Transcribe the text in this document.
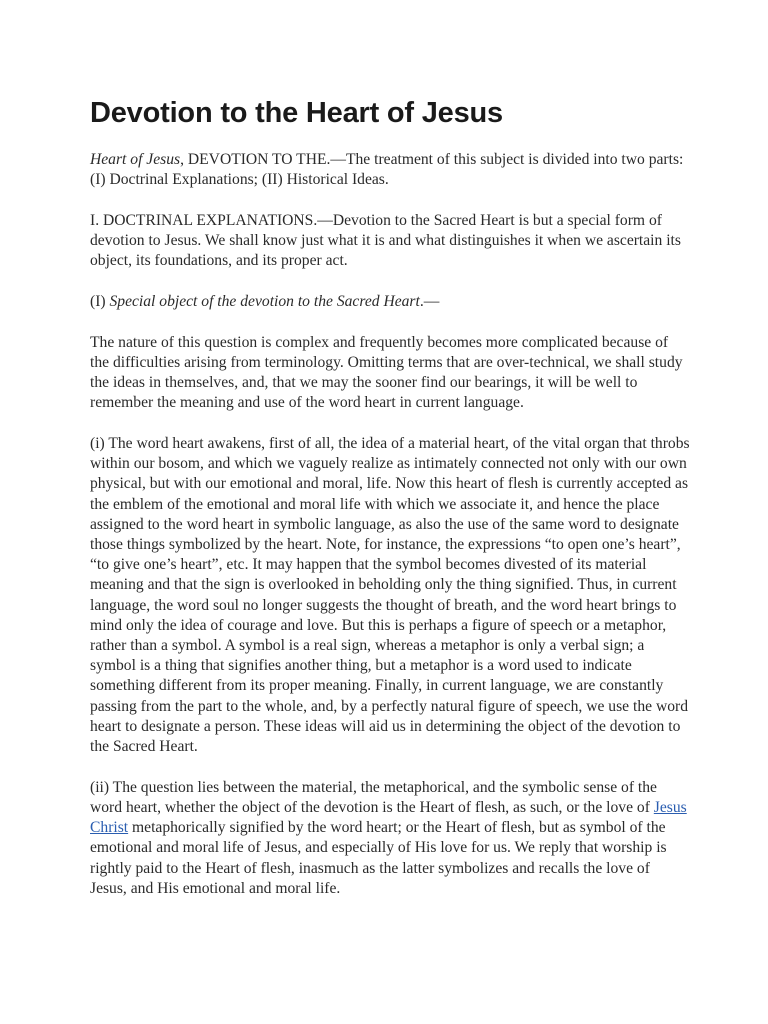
Devotion to the Heart of Jesus

Heart of Jesus, DEVOTION TO THE.—The treatment of this subject is divided into two parts: (I) Doctrinal Explanations; (II) Historical Ideas.

I. DOCTRINAL EXPLANATIONS.—Devotion to the Sacred Heart is but a special form of devotion to Jesus. We shall know just what it is and what distinguishes it when we ascertain its object, its foundations, and its proper act.

(I) Special object of the devotion to the Sacred Heart.—

The nature of this question is complex and frequently becomes more complicated because of the difficulties arising from terminology. Omitting terms that are over-technical, we shall study the ideas in themselves, and, that we may the sooner find our bearings, it will be well to remember the meaning and use of the word heart in current language.

(i) The word heart awakens, first of all, the idea of a material heart, of the vital organ that throbs within our bosom, and which we vaguely realize as intimately connected not only with our own physical, but with our emotional and moral, life. Now this heart of flesh is currently accepted as the emblem of the emotional and moral life with which we associate it, and hence the place assigned to the word heart in symbolic language, as also the use of the same word to designate those things symbolized by the heart. Note, for instance, the expressions “to open one’s heart”, “to give one’s heart”, etc. It may happen that the symbol becomes divested of its material meaning and that the sign is overlooked in beholding only the thing signified. Thus, in current language, the word soul no longer suggests the thought of breath, and the word heart brings to mind only the idea of courage and love. But this is perhaps a figure of speech or a metaphor, rather than a symbol. A symbol is a real sign, whereas a metaphor is only a verbal sign; a symbol is a thing that signifies another thing, but a metaphor is a word used to indicate something different from its proper meaning. Finally, in current language, we are constantly passing from the part to the whole, and, by a perfectly natural figure of speech, we use the word heart to designate a person. These ideas will aid us in determining the object of the devotion to the Sacred Heart.

(ii) The question lies between the material, the metaphorical, and the symbolic sense of the word heart, whether the object of the devotion is the Heart of flesh, as such, or the love of Jesus Christ metaphorically signified by the word heart; or the Heart of flesh, but as symbol of the emotional and moral life of Jesus, and especially of His love for us. We reply that worship is rightly paid to the Heart of flesh, inasmuch as the latter symbolizes and recalls the love of Jesus, and His emotional and moral life.
